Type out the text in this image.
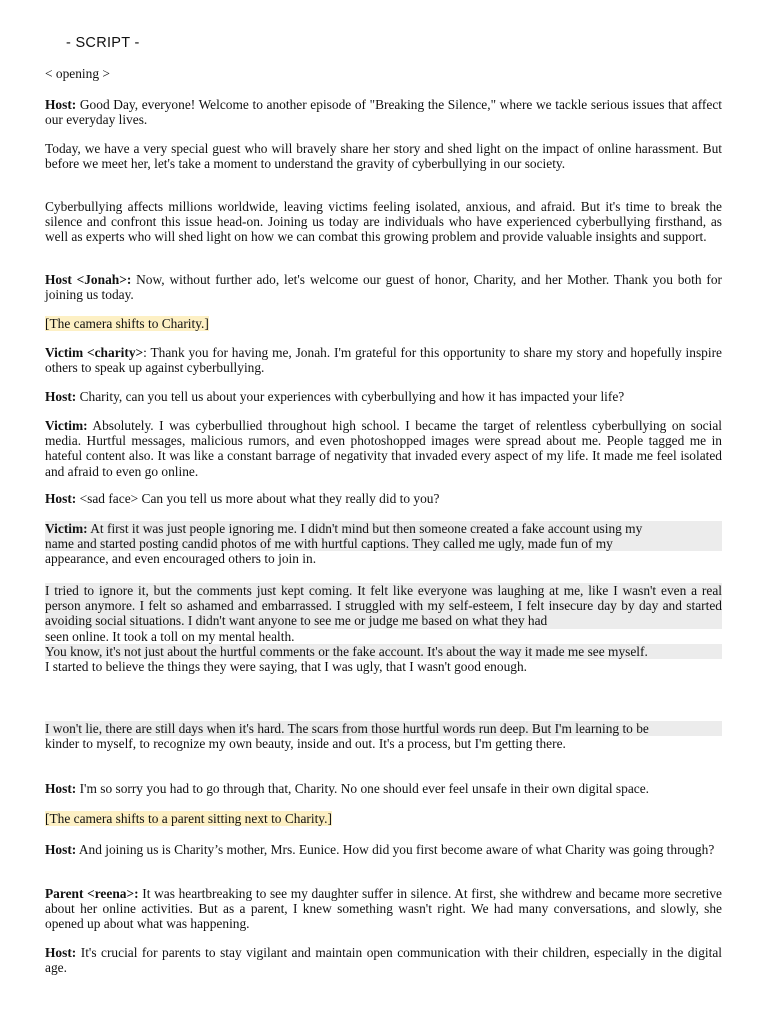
- SCRIPT -

< opening >

Host: Good Day, everyone! Welcome to another episode of "Breaking the Silence," where we tackle serious issues that affect our everyday lives.

Today, we have a very special guest who will bravely share her story and shed light on the impact of online harassment. But before we meet her, let's take a moment to understand the gravity of cyberbullying in our society.

Cyberbullying affects millions worldwide, leaving victims feeling isolated, anxious, and afraid. But it's time to break the silence and confront this issue head-on. Joining us today are individuals who have experienced cyberbullying firsthand, as well as experts who will shed light on how we can combat this growing problem and provide valuable insights and support.

Host <Jonah>: Now, without further ado, let's welcome our guest of honor, Charity, and her Mother. Thank you both for joining us today.

[The camera shifts to Charity.]

Victim <charity>: Thank you for having me, Jonah. I'm grateful for this opportunity to share my story and hopefully inspire others to speak up against cyberbullying.

Host: Charity, can you tell us about your experiences with cyberbullying and how it has impacted your life?

Victim: Absolutely. I was cyberbullied throughout high school. I became the target of relentless cyberbullying on social media. Hurtful messages, malicious rumors, and even photoshopped images were spread about me. People tagged me in hateful content also. It was like a constant barrage of negativity that invaded every aspect of my life. It made me feel isolated and afraid to even go online.

Host: <sad face> Can you tell us more about what they really did to you?

Victim: At first it was just people ignoring me. I didn't mind but then someone created a fake account using my
name and started posting candid photos of me with hurtful captions. They called me ugly, made fun of my
appearance, and even encouraged others to join in.
I tried to ignore it, but the comments just kept coming. It felt like everyone was laughing at me, like I wasn't even a real person anymore. I felt so ashamed and embarrassed. I struggled with my self-esteem, I felt insecure day by day and started avoiding social situations. I didn't want anyone to see me or judge me based on what they had
seen online. It took a toll on my mental health.
You know, it's not just about the hurtful comments or the fake account. It's about the way it made me see myself.
I started to believe the things they were saying, that I was ugly, that I wasn't good enough.
I won't lie, there are still days when it's hard. The scars from those hurtful words run deep. But I'm learning to be
kinder to myself, to recognize my own beauty, inside and out. It's a process, but I'm getting there.

Host: I'm so sorry you had to go through that, Charity. No one should ever feel unsafe in their own digital space.

[The camera shifts to a parent sitting next to Charity.]

Host: And joining us is Charity’s mother, Mrs. Eunice. How did you first become aware of what Charity was going through?

Parent <reena>: It was heartbreaking to see my daughter suffer in silence. At first, she withdrew and became more secretive about her online activities. But as a parent, I knew something wasn't right. We had many conversations, and slowly, she opened up about what was happening.

Host: It's crucial for parents to stay vigilant and maintain open communication with their children, especially in the digital age.
